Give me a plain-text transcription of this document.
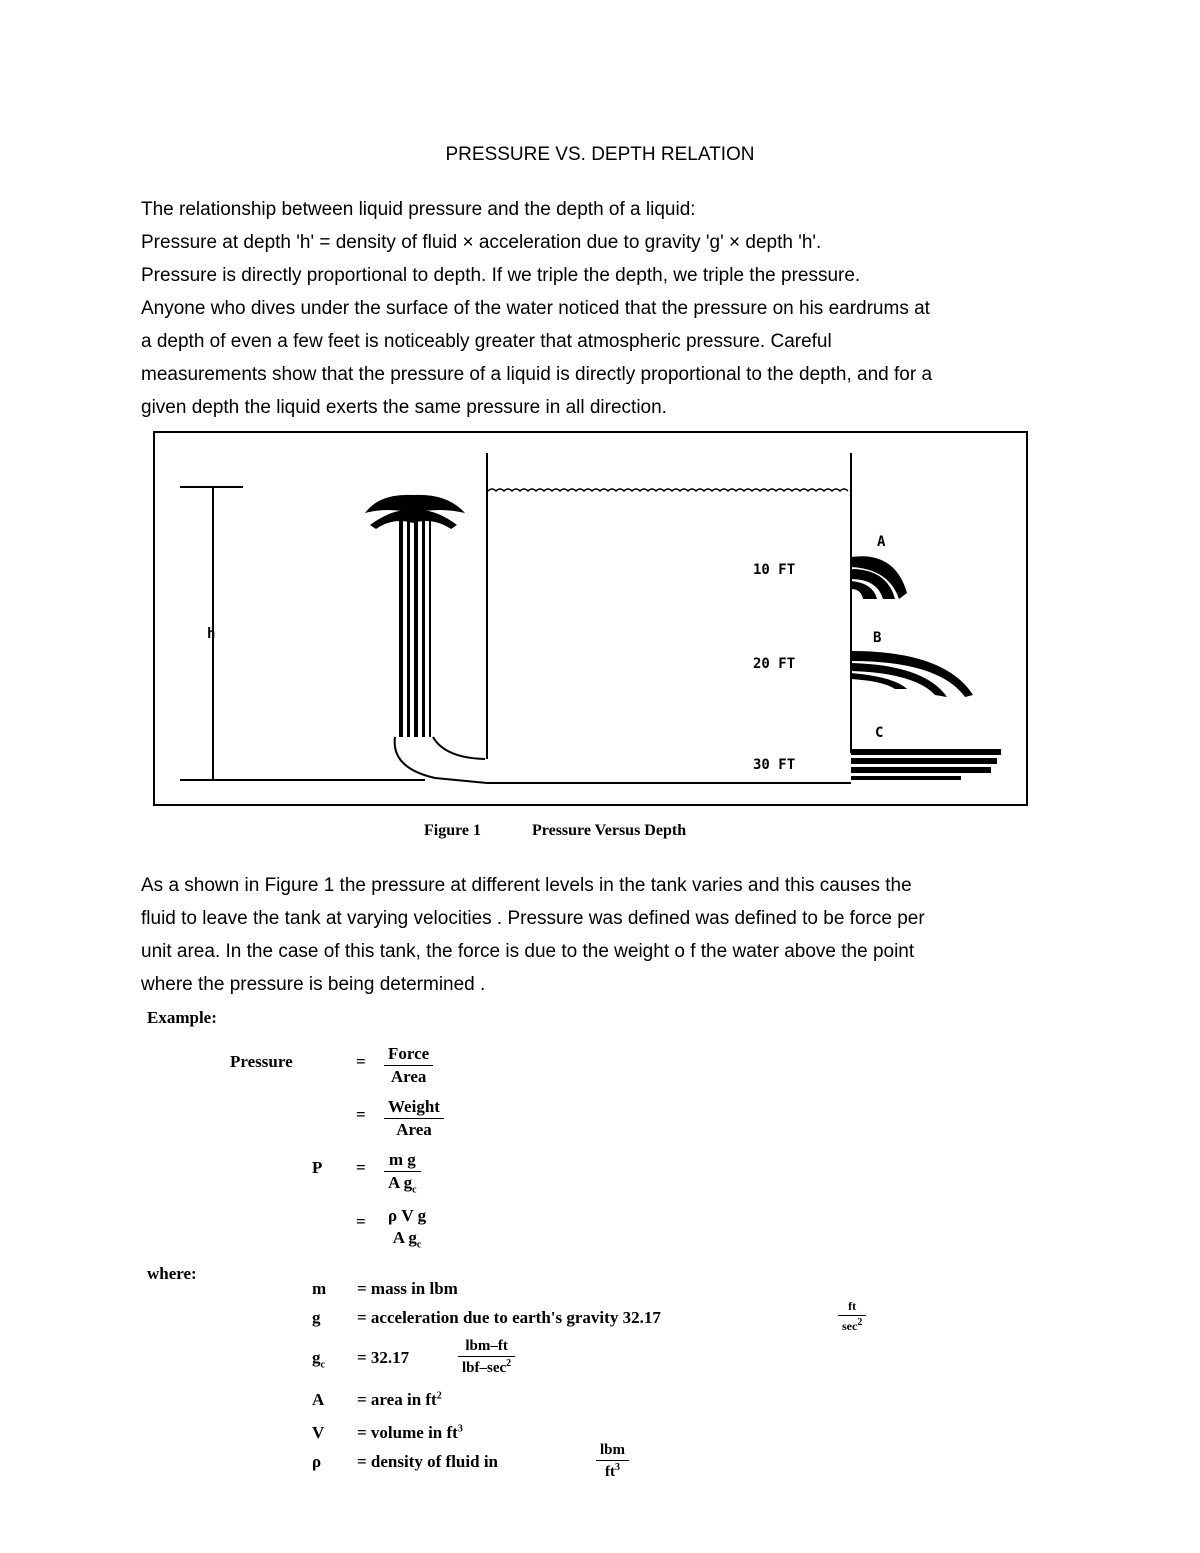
PRESSURE VS. DEPTH RELATION
The relationship between liquid pressure and the depth of a liquid:
Pressure at depth 'h' = density of fluid × acceleration due to gravity 'g' × depth 'h'.
Pressure is directly proportional to depth. If we triple the depth, we triple the pressure.
Anyone who dives under the surface of the water noticed that the pressure on his eardrums at
a depth of even a few feet is noticeably greater that atmospheric pressure. Careful
measurements show that the pressure of a liquid is directly proportional to the depth, and for a
given depth the liquid exerts the same pressure in all direction.
h
10 FT
20 FT
30 FT
A
B
C
Figure 1	Pressure Versus Depth
As a shown in Figure 1 the pressure at different levels in the tank varies and this causes the
fluid to leave the tank at varying velocities . Pressure was defined was defined to be force per
unit area. In the case of this tank, the force is due to the weight o f the water above the point
where the pressure is being determined .
Example:
Pressure	= Force
Area
= Weight
Area
$P = \frac{\text{m g}}{A g_c}$
= ρ V g
A $g_c$
where:
m = mass in lbm
g = acceleration due to earth's gravity 32.17
ft
$\sec^2$
$g_c = 32.17$
lbm–ft
lbf–$\sec^2$
A = area in $ft^2$
V = volume in $ft^3$
ρ = density of fluid in
lbm
$ft^3$
